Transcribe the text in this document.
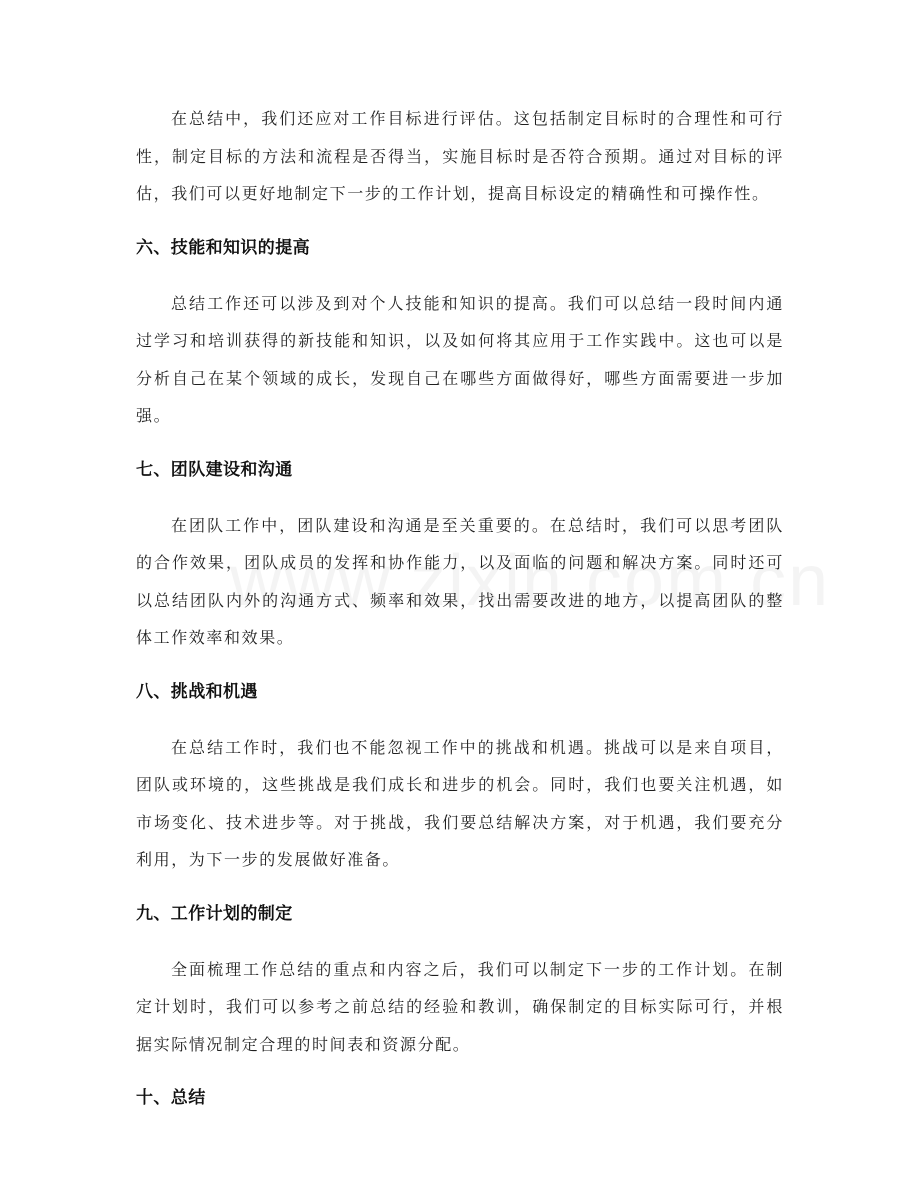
在总结中，我们还应对工作目标进行评估。这包括制定目标时的合理性和可行性，制定目标的方法和流程是否得当，实施目标时是否符合预期。通过对目标的评估，我们可以更好地制定下一步的工作计划，提高目标设定的精确性和可操作性。

六、技能和知识的提高

总结工作还可以涉及到对个人技能和知识的提高。我们可以总结一段时间内通过学习和培训获得的新技能和知识，以及如何将其应用于工作实践中。这也可以是分析自己在某个领域的成长，发现自己在哪些方面做得好，哪些方面需要进一步加强。

七、团队建设和沟通

在团队工作中，团队建设和沟通是至关重要的。在总结时，我们可以思考团队的合作效果，团队成员的发挥和协作能力，以及面临的问题和解决方案。同时还可以总结团队内外的沟通方式、频率和效果，找出需要改进的地方，以提高团队的整体工作效率和效果。

八、挑战和机遇

在总结工作时，我们也不能忽视工作中的挑战和机遇。挑战可以是来自项目，团队或环境的，这些挑战是我们成长和进步的机会。同时，我们也要关注机遇，如市场变化、技术进步等。对于挑战，我们要总结解决方案，对于机遇，我们要充分利用，为下一步的发展做好准备。

九、工作计划的制定

全面梳理工作总结的重点和内容之后，我们可以制定下一步的工作计划。在制定计划时，我们可以参考之前总结的经验和教训，确保制定的目标实际可行，并根据实际情况制定合理的时间表和资源分配。

十、总结
